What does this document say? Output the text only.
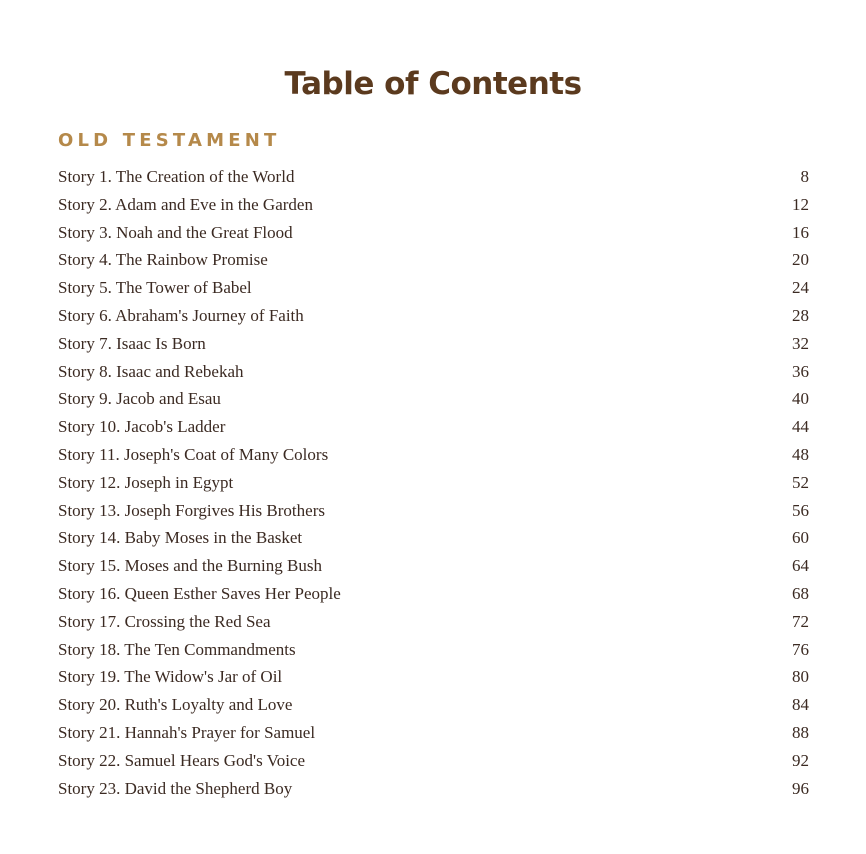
Table of Contents
OLD TESTAMENT
Story 1. The Creation of the World	8
Story 2. Adam and Eve in the Garden	12
Story 3. Noah and the Great Flood	16
Story 4. The Rainbow Promise	20
Story 5. The Tower of Babel	24
Story 6. Abraham's Journey of Faith	28
Story 7. Isaac Is Born	32
Story 8. Isaac and Rebekah	36
Story 9. Jacob and Esau	40
Story 10. Jacob's Ladder	44
Story 11. Joseph's Coat of Many Colors	48
Story 12. Joseph in Egypt	52
Story 13. Joseph Forgives His Brothers	56
Story 14. Baby Moses in the Basket	60
Story 15. Moses and the Burning Bush	64
Story 16. Queen Esther Saves Her People	68
Story 17. Crossing the Red Sea	72
Story 18. The Ten Commandments	76
Story 19. The Widow's Jar of Oil	80
Story 20. Ruth's Loyalty and Love	84
Story 21. Hannah's Prayer for Samuel	88
Story 22. Samuel Hears God's Voice	92
Story 23. David the Shepherd Boy	96
